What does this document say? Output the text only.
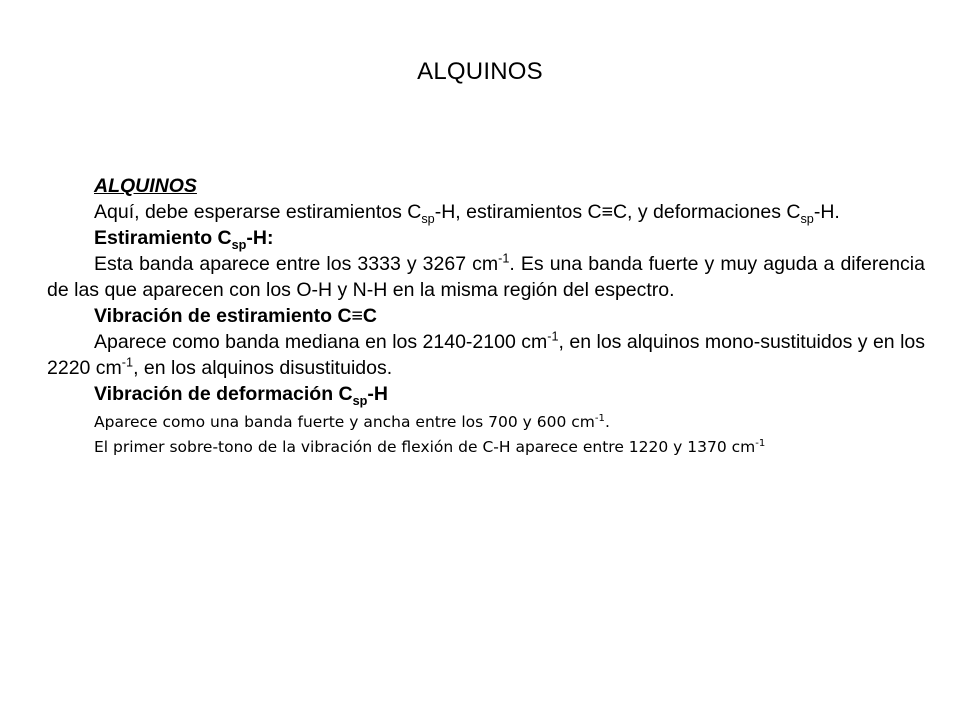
ALQUINOS

ALQUINOS

Aquí, debe esperarse estiramientos $C_{sp}-H$, estiramientos C≡C, y deformaciones $C_{sp}-H$.

Estiramiento $C_{sp}-H$:

Esta banda aparece entre los 3333 y 3267 $cm^{-1}$. Es una banda fuerte y muy aguda a diferencia de las que aparecen con los O-H y N-H en la misma región del espectro.

Vibración de estiramiento C≡C

Aparece como banda mediana en los 2140-2100 $cm^{-1}$, en los alquinos mono-sustituidos y en los 2220 $cm^{-1}$, en los alquinos disustituidos.

Vibración de deformación $C_{sp}-H$

Aparece como una banda fuerte y ancha entre los 700 y 600 $cm^{-1}$.

El primer sobre-tono de la vibración de flexión de C-H aparece entre 1220 y 1370 $cm^{-1}$
